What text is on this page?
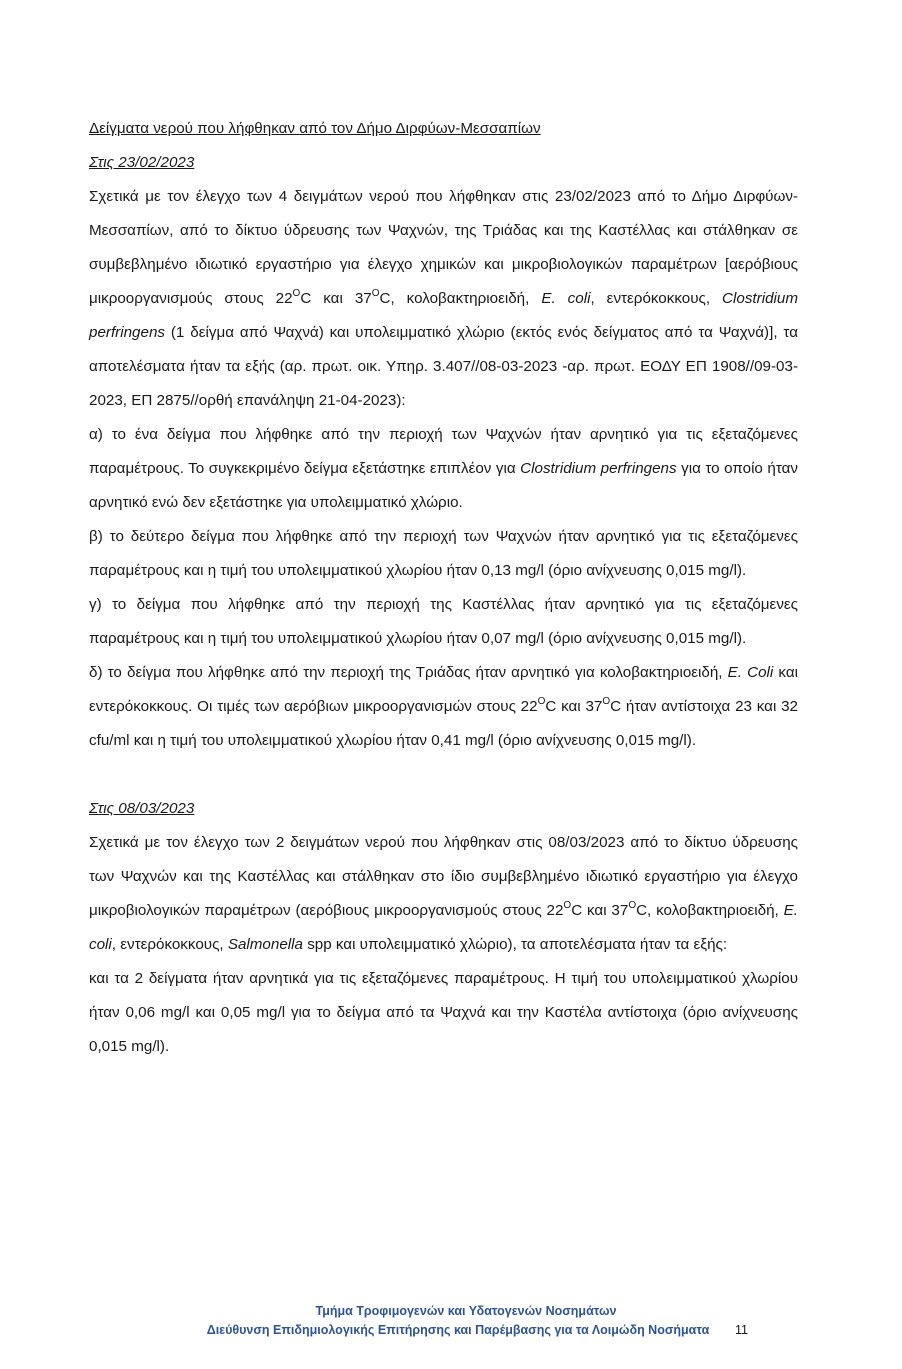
Δείγματα νερού που λήφθηκαν από τον Δήμο Διρφύων-Μεσσαπίων

Στις 23/02/2023

Σχετικά με τον έλεγχο των 4 δειγμάτων νερού που λήφθηκαν στις 23/02/2023 από το Δήμο Διρφύων-Μεσσαπίων, από το δίκτυο ύδρευσης των Ψαχνών, της Τριάδας και της Καστέλλας και στάλθηκαν σε συμβεβλημένο ιδιωτικό εργαστήριο για έλεγχο χημικών και μικροβιολογικών παραμέτρων [αερόβιους μικροοργανισμούς στους $22^OC$ και $37^OC$, κολοβακτηριοειδή, E. coli, εντερόκοκκους, Clostridium perfringens (1 δείγμα από Ψαχνά) και υπολειμματικό χλώριο (εκτός ενός δείγματος από τα Ψαχνά)], τα αποτελέσματα ήταν τα εξής (αρ. πρωτ. οικ. Υπηρ. 3.407//08-03-2023 -αρ. πρωτ. ΕΟΔΥ ΕΠ 1908//09-03-2023, ΕΠ 2875//ορθή επανάληψη 21-04-2023):

α) το ένα δείγμα που λήφθηκε από την περιοχή των Ψαχνών ήταν αρνητικό για τις εξεταζόμενες παραμέτρους. Το συγκεκριμένο δείγμα εξετάστηκε επιπλέον για Clostridium perfringens για το οποίο ήταν αρνητικό ενώ δεν εξετάστηκε για υπολειμματικό χλώριο.

β) το δεύτερο δείγμα που λήφθηκε από την περιοχή των Ψαχνών ήταν αρνητικό για τις εξεταζόμενες παραμέτρους και η τιμή του υπολειμματικού χλωρίου ήταν 0,13 mg/l (όριο ανίχνευσης 0,015 mg/l).

γ) το δείγμα που λήφθηκε από την περιοχή της Καστέλλας ήταν αρνητικό για τις εξεταζόμενες παραμέτρους και η τιμή του υπολειμματικού χλωρίου ήταν 0,07 mg/l (όριο ανίχνευσης 0,015 mg/l).

δ) το δείγμα που λήφθηκε από την περιοχή της Τριάδας ήταν αρνητικό για κολοβακτηριοειδή, E. Coli και εντερόκοκκους. Οι τιμές των αερόβιων μικροοργανισμών στους $22^OC$ και $37^OC$ ήταν αντίστοιχα 23 και 32 cfu/ml και η τιμή του υπολειμματικού χλωρίου ήταν 0,41 mg/l (όριο ανίχνευσης 0,015 mg/l).

Στις 08/03/2023

Σχετικά με τον έλεγχο των 2 δειγμάτων νερού που λήφθηκαν στις 08/03/2023 από το δίκτυο ύδρευσης των Ψαχνών και της Καστέλλας και στάλθηκαν στο ίδιο συμβεβλημένο ιδιωτικό εργαστήριο για έλεγχο μικροβιολογικών παραμέτρων (αερόβιους μικροοργανισμούς στους $22^OC$ και $37^OC$, κολοβακτηριοειδή, E. coli, εντερόκοκκους, Salmonella spp και υπολειμματικό χλώριο), τα αποτελέσματα ήταν τα εξής:

και τα 2 δείγματα ήταν αρνητικά για τις εξεταζόμενες παραμέτρους. Η τιμή του υπολειμματικού χλωρίου ήταν 0,06 mg/l και 0,05 mg/l για το δείγμα από τα Ψαχνά και την Καστέλα αντίστοιχα (όριο ανίχνευσης 0,015 mg/l).

Τμήμα Τροφιμογενών και Υδατογενών Νοσημάτων
Διεύθυνση Επιδημιολογικής Επιτήρησης και Παρέμβασης για τα Λοιμώδη Νοσήματα	11
